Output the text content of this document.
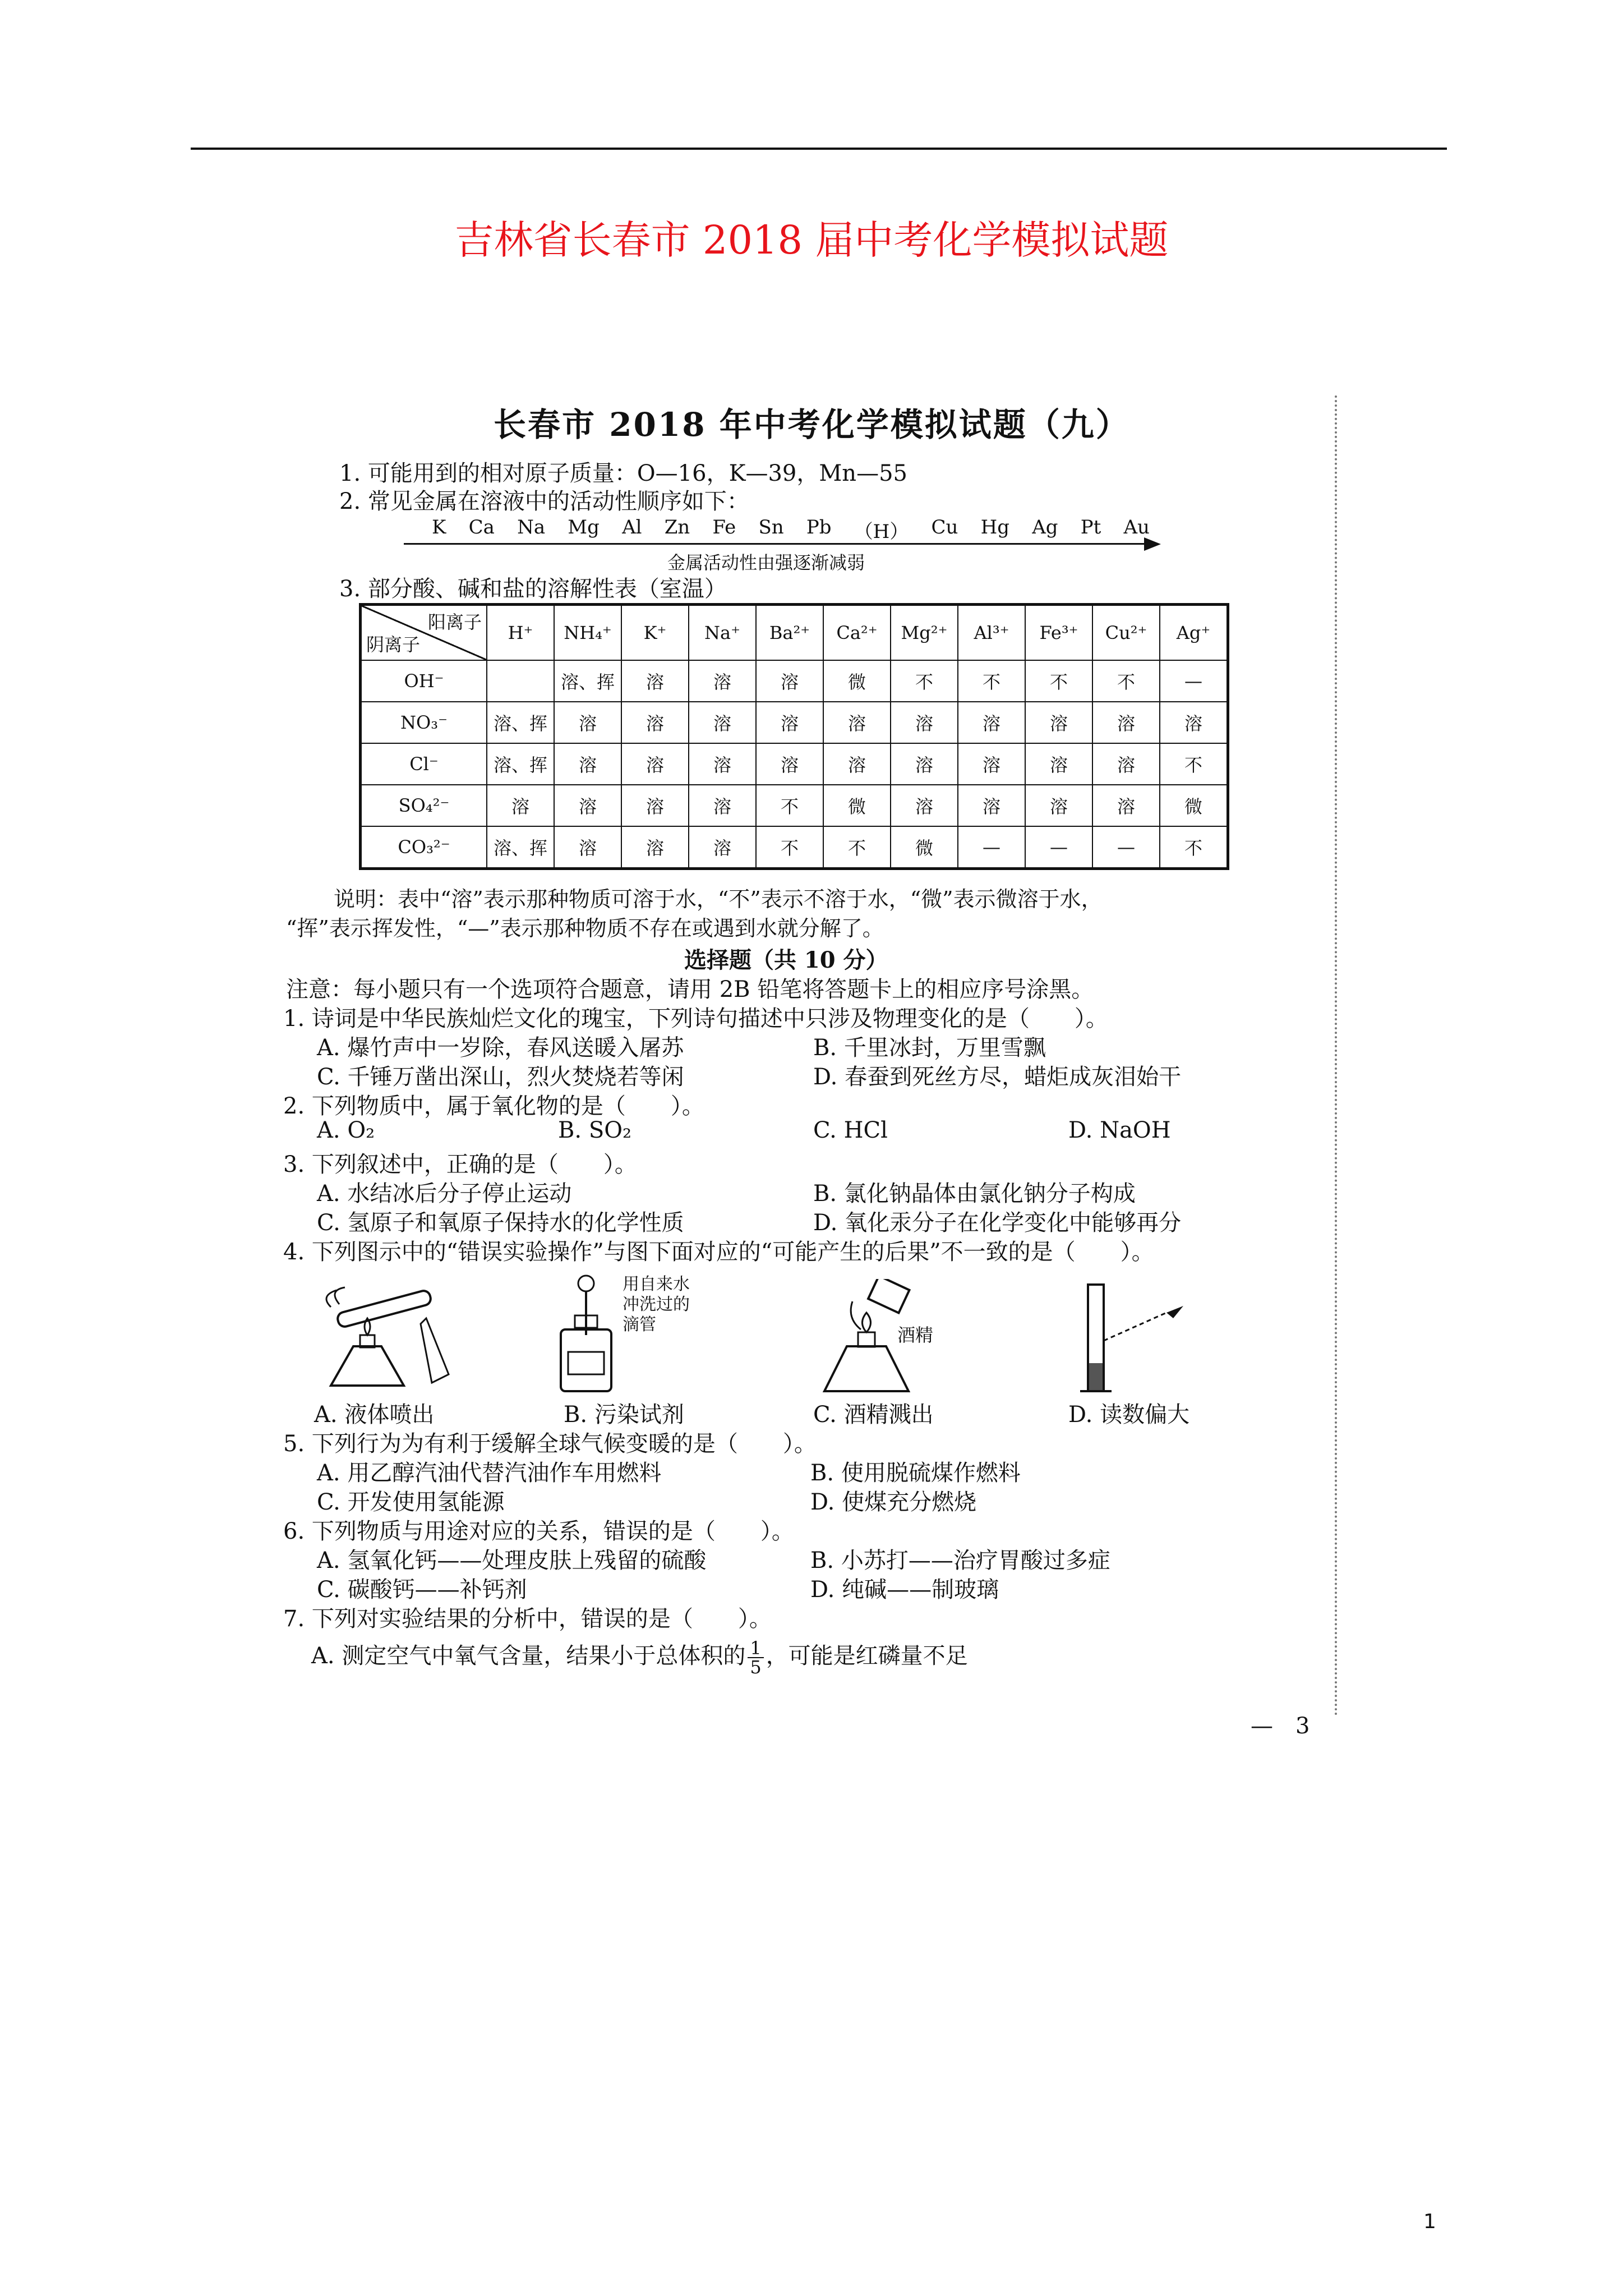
吉林省长春市 2018 届中考化学模拟试题
长春市 2018 年中考化学模拟试题（九）
1. 可能用到的相对原子质量：O—16，K—39，Mn—55
2. 常见金属在溶液中的活动性顺序如下：
K Ca Na Mg Al Zn Fe Sn Pb （H） Cu Hg Ag Pt Au
金属活动性由强逐渐减弱
3. 部分酸、碱和盐的溶解性表（室温）
阳离子
阴离子	H⁺	NH₄⁺	K⁺	Na⁺	Ba²⁺	Ca²⁺	Mg²⁺	Al³⁺	Fe³⁺	Cu²⁺	Ag⁺
OH⁻		溶、挥	溶	溶	溶	微	不	不	不	不	—
NO₃⁻	溶、挥	溶	溶	溶	溶	溶	溶	溶	溶	溶	溶
Cl⁻	溶、挥	溶	溶	溶	溶	溶	溶	溶	溶	溶	不
SO₄²⁻	溶	溶	溶	溶	不	微	溶	溶	溶	溶	微
CO₃²⁻	溶、挥	溶	溶	溶	不	不	微	—	—	—	不
说明：表中“溶”表示那种物质可溶于水，“不”表示不溶于水，“微”表示微溶于水，
“挥”表示挥发性，“—”表示那种物质不存在或遇到水就分解了。
选择题（共 10 分）
注意：每小题只有一个选项符合题意，请用 2B 铅笔将答题卡上的相应序号涂黑。
1. 诗词是中华民族灿烂文化的瑰宝，下列诗句描述中只涉及物理变化的是（　　）。
A. 爆竹声中一岁除，春风送暖入屠苏	B. 千里冰封，万里雪飘
C. 千锤万凿出深山，烈火焚烧若等闲	D. 春蚕到死丝方尽，蜡炬成灰泪始干
2. 下列物质中，属于氧化物的是（　　）。
A. O₂	B. SO₂	C. HCl	D. NaOH
3. 下列叙述中，正确的是（　　）。
A. 水结冰后分子停止运动	B. 氯化钠晶体由氯化钠分子构成
C. 氢原子和氧原子保持水的化学性质	D. 氧化汞分子在化学变化中能够再分
4. 下列图示中的“错误实验操作”与图下面对应的“可能产生的后果”不一致的是（　　）。
用自来水
冲洗过的
滴管	酒精
A. 液体喷出	B. 污染试剂	C. 酒精溅出	D. 读数偏大
5. 下列行为为有利于缓解全球气候变暖的是（　　）。
A. 用乙醇汽油代替汽油作车用燃料	B. 使用脱硫煤作燃料
C. 开发使用氢能源	D. 使煤充分燃烧
6. 下列物质与用途对应的关系，错误的是（　　）。
A. 氢氧化钙——处理皮肤上残留的硫酸	B. 小苏打——治疗胃酸过多症
C. 碳酸钙——补钙剂	D. 纯碱——制玻璃
7. 下列对实验结果的分析中，错误的是（　　）。
A. 测定空气中氧气含量，结果小于总体积的 $\frac{1}{5}$ ，可能是红磷量不足
—　3
1
